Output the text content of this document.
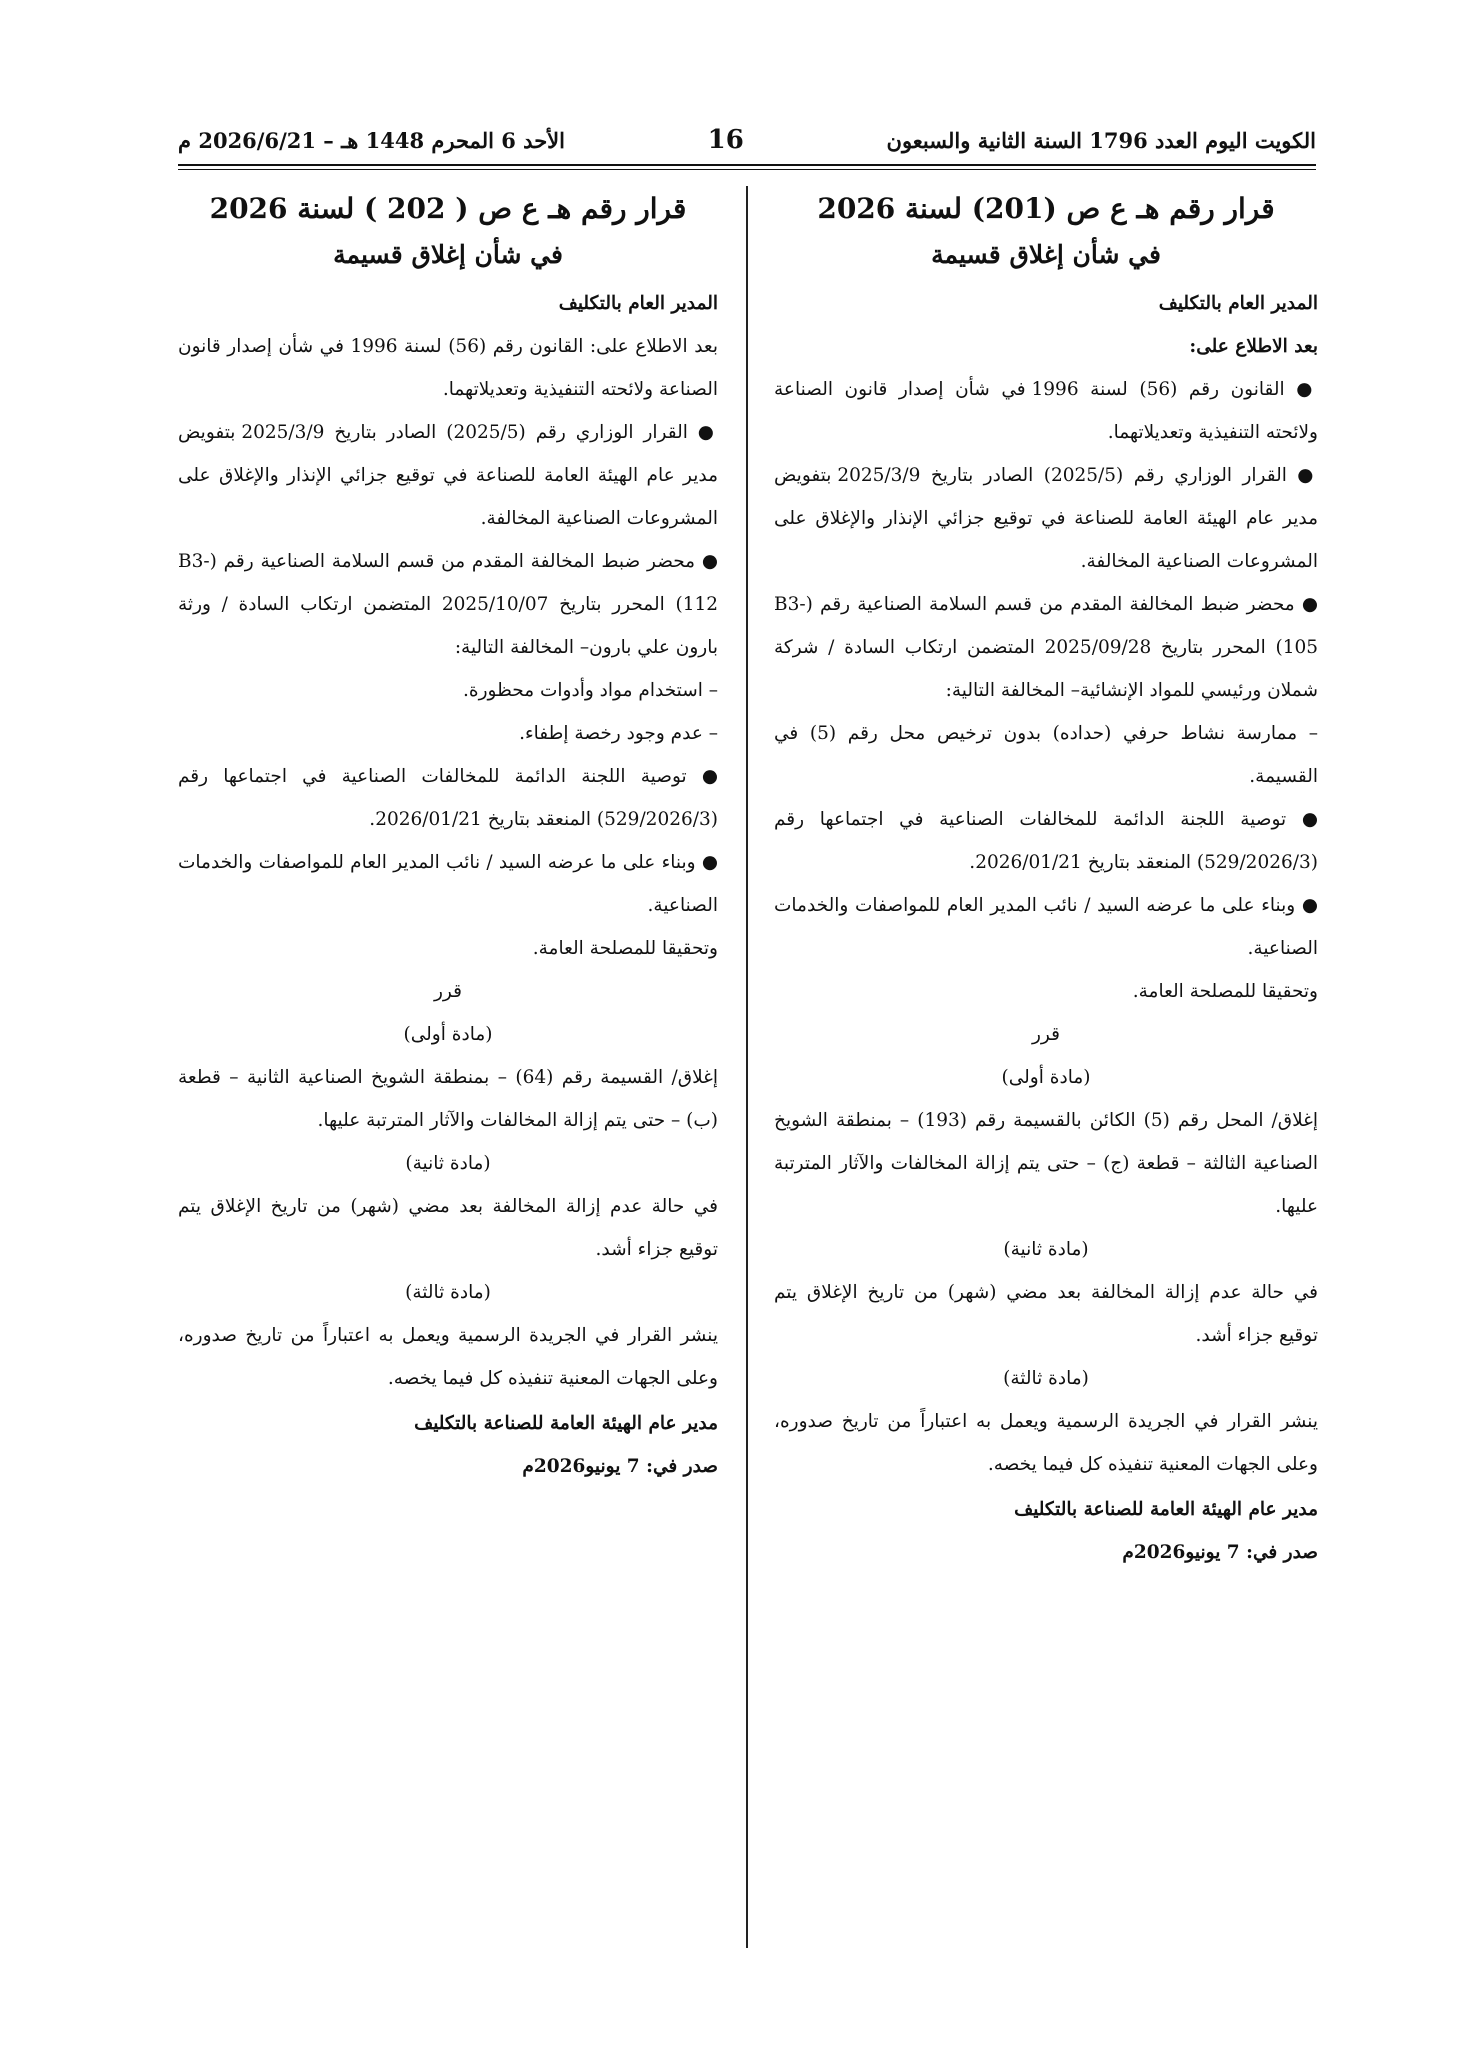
الكويت اليوم العدد 1796 السنة الثانية والسبعون
16
الأحد 6 المحرم 1448 هـ – 2026/6/21 م
قرار رقم هـ ع ص (201) لسنة 2026
في شأن إغلاق قسيمة

المدير العام بالتكليف

بعد الاطلاع على:

● القانون رقم (56) لسنة 1996 في شأن إصدار قانون الصناعة ولائحته التنفيذية وتعديلاتهما.

● القرار الوزاري رقم (2025/5) الصادر بتاريخ 2025/3/9 بتفويض مدير عام الهيئة العامة للصناعة في توقيع جزائي الإنذار والإغلاق على المشروعات الصناعية المخالفة.

● محضر ضبط المخالفة المقدم من قسم السلامة الصناعية رقم (B3-105) المحرر بتاريخ 2025/09/28 المتضمن ارتكاب السادة / شركة شملان ورئيسي للمواد الإنشائية– المخالفة التالية:

– ممارسة نشاط حرفي (حداده) بدون ترخيص محل رقم (5) في القسيمة.

● توصية اللجنة الدائمة للمخالفات الصناعية في اجتماعها رقم (529/2026/3) المنعقد بتاريخ 2026/01/21.

● وبناء على ما عرضه السيد / نائب المدير العام للمواصفات والخدمات الصناعية.

وتحقيقا للمصلحة العامة.

قرر

(مادة أولى)

إغلاق/ المحل رقم (5) الكائن بالقسيمة رقم (193) – بمنطقة الشويخ الصناعية الثالثة – قطعة (ج) – حتى يتم إزالة المخالفات والآثار المترتبة عليها.

(مادة ثانية)

في حالة عدم إزالة المخالفة بعد مضي (شهر) من تاريخ الإغلاق يتم توقيع جزاء أشد.

(مادة ثالثة)

ينشر القرار في الجريدة الرسمية ويعمل به اعتباراً من تاريخ صدوره، وعلى الجهات المعنية تنفيذه كل فيما يخصه.

مدير عام الهيئة العامة للصناعة بالتكليف

صدر في: 7 يونيو2026م

قرار رقم هـ ع ص ( 202 ) لسنة 2026
في شأن إغلاق قسيمة

المدير العام بالتكليف

بعد الاطلاع على: القانون رقم (56) لسنة 1996 في شأن إصدار قانون الصناعة ولائحته التنفيذية وتعديلاتهما.

● القرار الوزاري رقم (2025/5) الصادر بتاريخ 2025/3/9 بتفويض مدير عام الهيئة العامة للصناعة في توقيع جزائي الإنذار والإغلاق على المشروعات الصناعية المخالفة.

● محضر ضبط المخالفة المقدم من قسم السلامة الصناعية رقم (B3-112) المحرر بتاريخ 2025/10/07 المتضمن ارتكاب السادة / ورثة بارون علي بارون– المخالفة التالية:

– استخدام مواد وأدوات محظورة.

– عدم وجود رخصة إطفاء.

● توصية اللجنة الدائمة للمخالفات الصناعية في اجتماعها رقم (529/2026/3) المنعقد بتاريخ 2026/01/21.

● وبناء على ما عرضه السيد / نائب المدير العام للمواصفات والخدمات الصناعية.

وتحقيقا للمصلحة العامة.

قرر

(مادة أولى)

إغلاق/ القسيمة رقم (64) – بمنطقة الشويخ الصناعية الثانية – قطعة (ب) – حتى يتم إزالة المخالفات والآثار المترتبة عليها.

(مادة ثانية)

في حالة عدم إزالة المخالفة بعد مضي (شهر) من تاريخ الإغلاق يتم توقيع جزاء أشد.

(مادة ثالثة)

ينشر القرار في الجريدة الرسمية ويعمل به اعتباراً من تاريخ صدوره، وعلى الجهات المعنية تنفيذه كل فيما يخصه.

مدير عام الهيئة العامة للصناعة بالتكليف

صدر في: 7 يونيو2026م
